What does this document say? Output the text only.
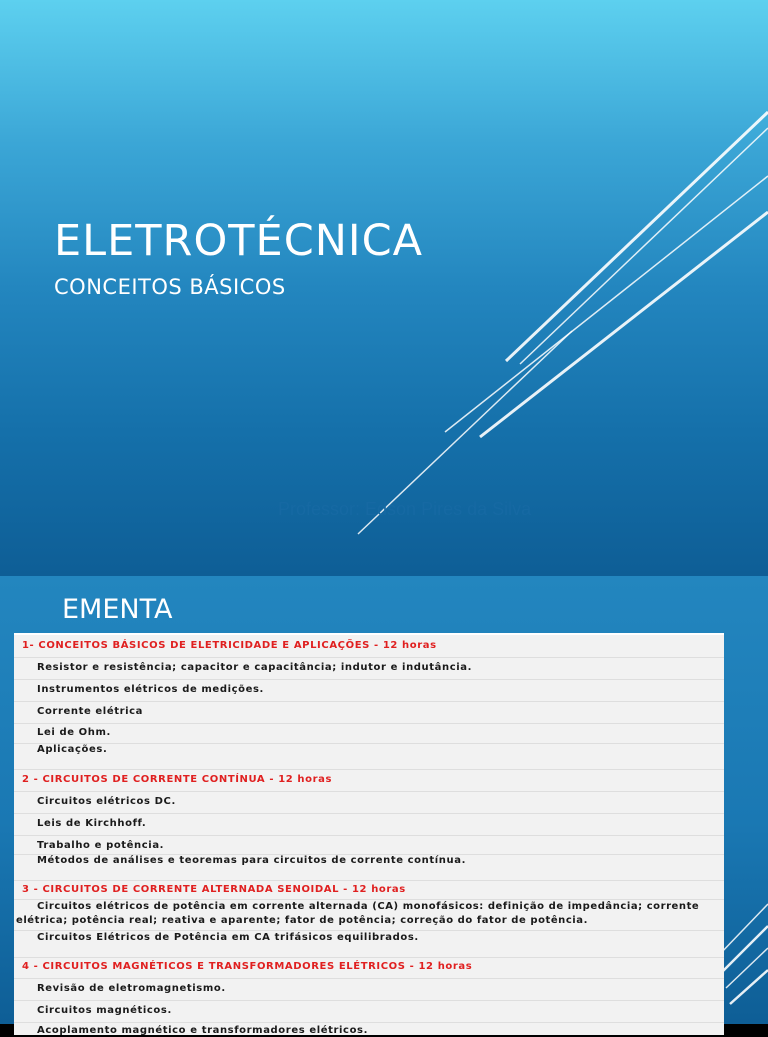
ELETROTÉCNICA
CONCEITOS BÁSICOS
Professor: Edson Pires da Silva
EMENTA
1- CONCEITOS BÁSICOS DE ELETRICIDADE E APLICAÇÕES - 12 horas
Resistor e resistência; capacitor e capacitância; indutor e indutância.
Instrumentos elétricos de medições.
Corrente elétrica
Lei de Ohm.
Aplicações.
2 - CIRCUITOS DE CORRENTE CONTÍNUA - 12 horas
Circuitos elétricos DC.
Leis de Kirchhoff.
Trabalho e potência.
Métodos de análises e teoremas para circuitos de corrente contínua.
3 - CIRCUITOS DE CORRENTE ALTERNADA SENOIDAL - 12 horas
Circuitos elétricos de potência em corrente alternada (CA) monofásicos: definição de impedância; corrente elétrica; potência real; reativa e aparente; fator de potência; correção do fator de potência.
Circuitos Elétricos de Potência em CA trifásicos equilibrados.
4 - CIRCUITOS MAGNÉTICOS E TRANSFORMADORES ELÉTRICOS - 12 horas
Revisão de eletromagnetismo.
Circuitos magnéticos.
Acoplamento magnético e transformadores elétricos.
